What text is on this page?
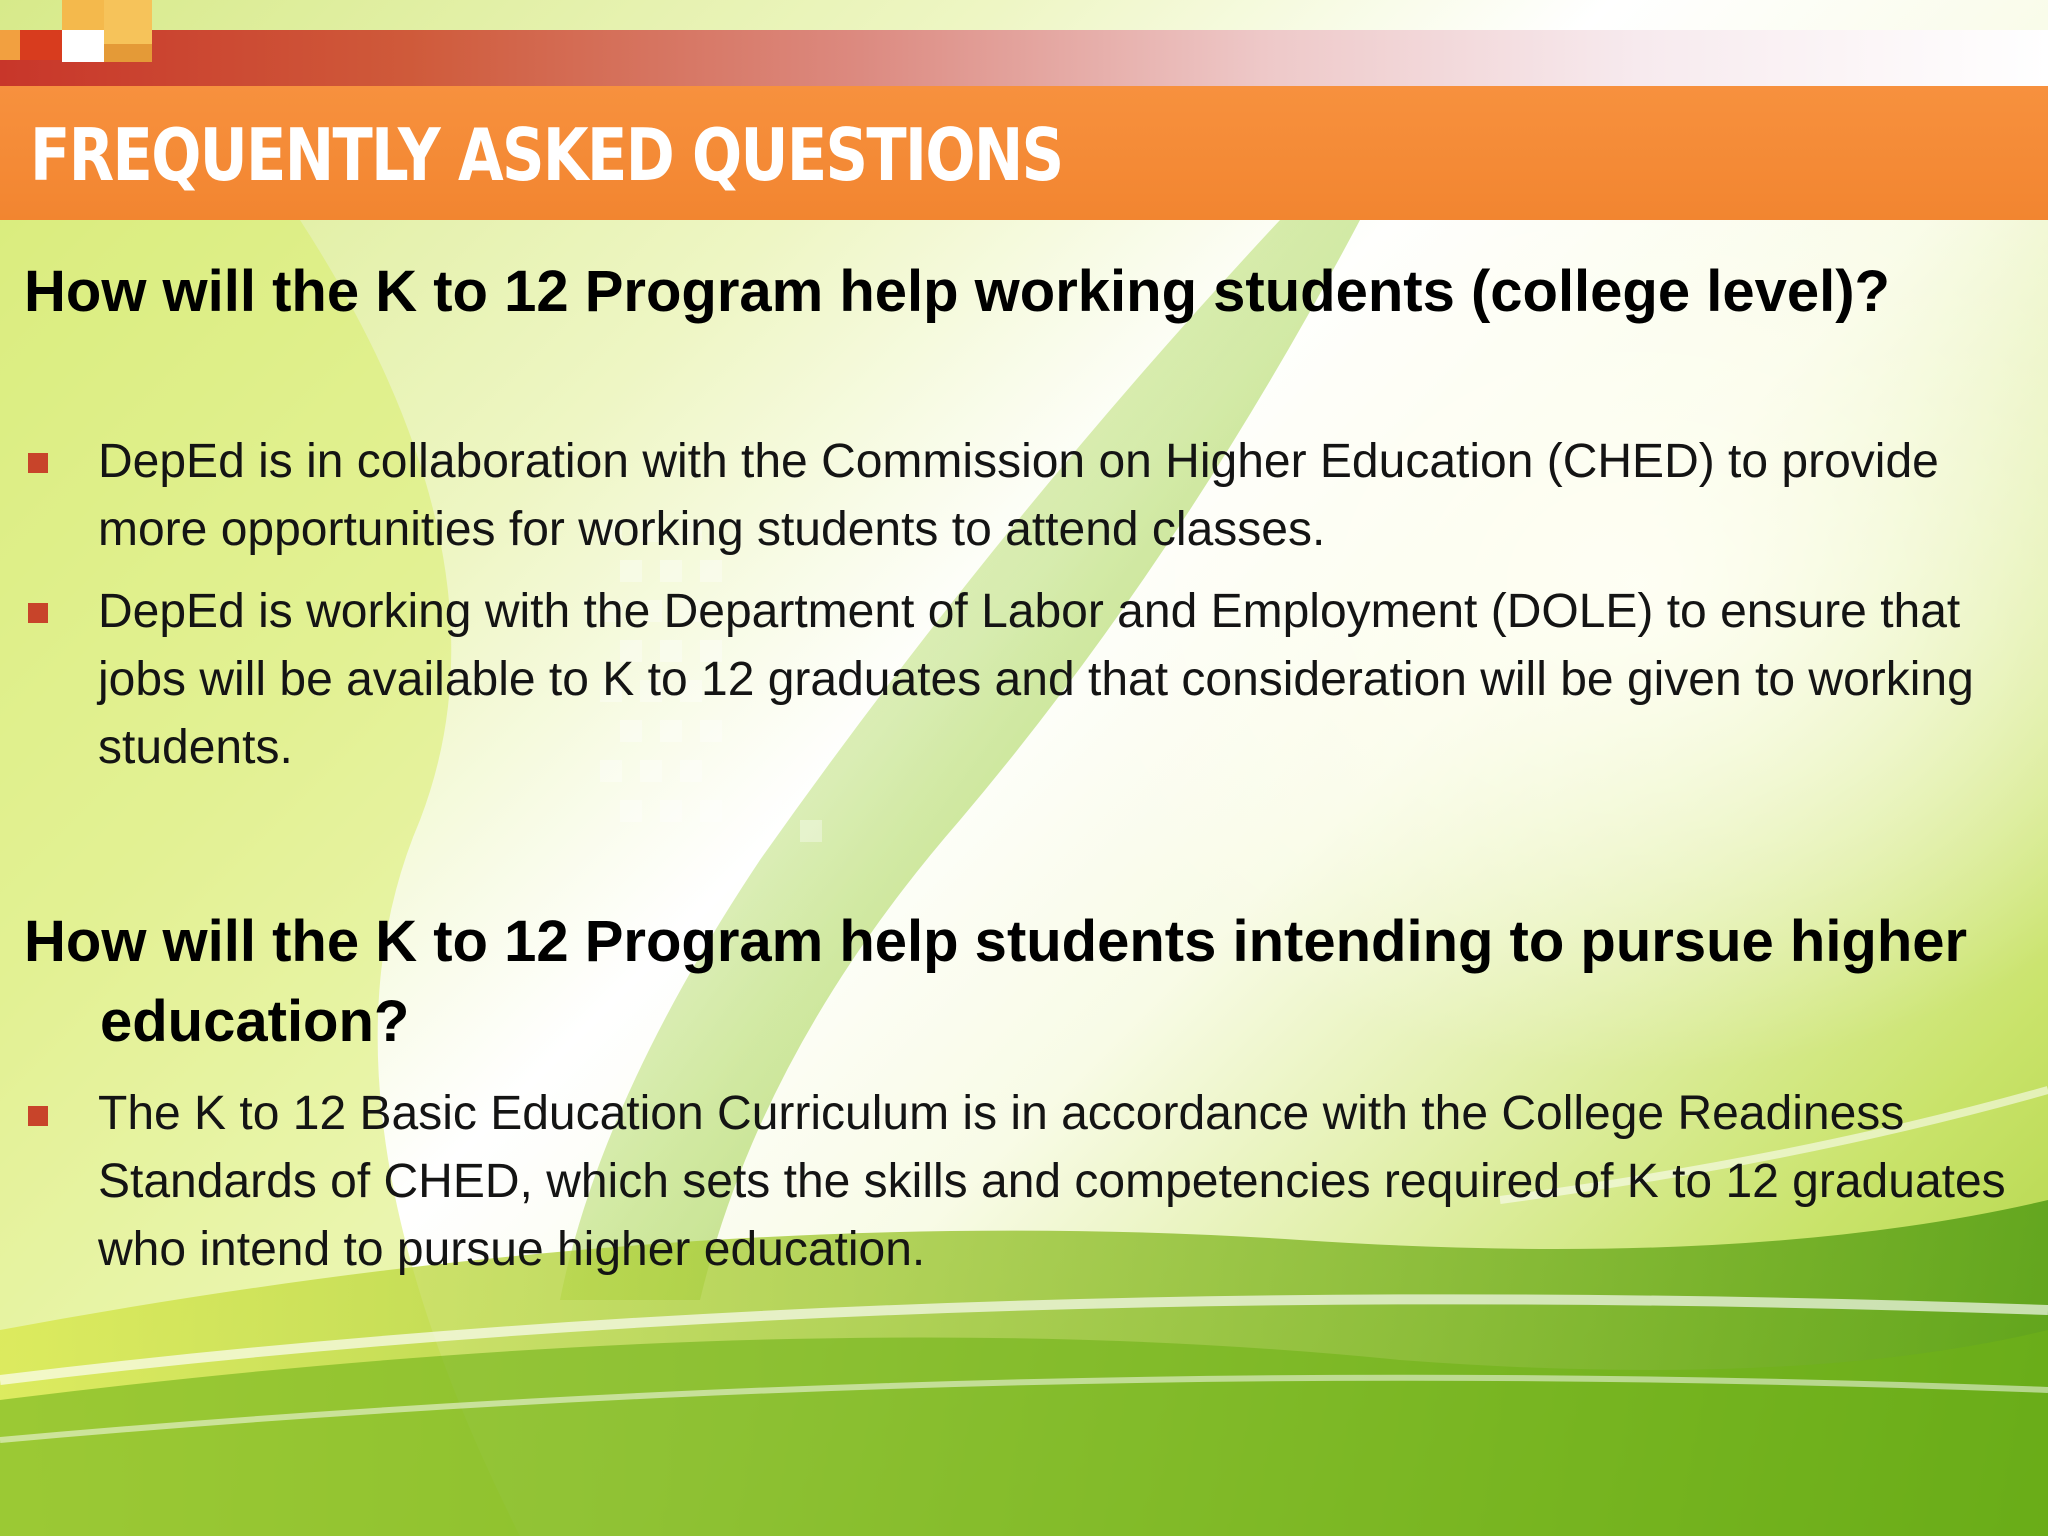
FREQUENTLY ASKED QUESTIONS

How will the K to 12 Program help working students (college level)?

DepEd is in collaboration with the Commission on Higher Education (CHED) to provide more opportunities for working students to attend classes.

DepEd is working with the Department of Labor and Employment (DOLE) to ensure that jobs will be available to K to 12 graduates and that consideration will be given to working students.

How will the K to 12 Program help students intending to pursue higher education?

The K to 12 Basic Education Curriculum is in accordance with the College Readiness Standards of CHED, which sets the skills and competencies required of K to 12 graduates who intend to pursue higher education.
